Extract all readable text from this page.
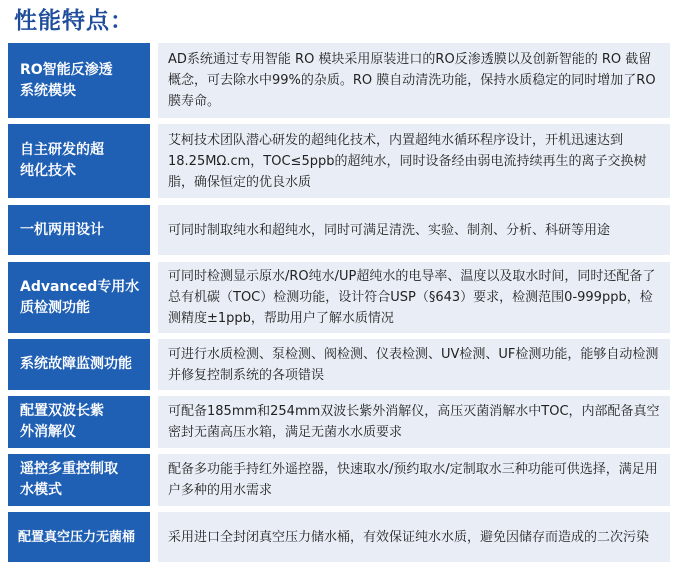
性能特点：
RO智能反渗透系统模块
AD系统通过专用智能 RO 模块采用原装进口的RO反渗透膜以及创新智能的 RO 截留概念，可去除水中99%的杂质。RO 膜自动清洗功能，保持水质稳定的同时增加了RO膜寿命。
自主研发的超纯化技术
艾柯技术团队潜心研发的超纯化技术，内置超纯水循环程序设计，开机迅速达到18.25MΩ.cm，TOC≤5ppb的超纯水，同时设备经由弱电流持续再生的离子交换树脂，确保恒定的优良水质
一机两用设计	可同时制取纯水和超纯水，同时可满足清洗、实验、制剂、分析、科研等用途
Advanced专用水质检测功能
可同时检测显示原水/RO纯水/UP超纯水的电导率、温度以及取水时间，同时还配备了总有机碳（TOC）检测功能，设计符合USP（§643）要求，检测范围0-999ppb，检测精度±1ppb，帮助用户了解水质情况
系统故障监测功能
可进行水质检测、泵检测、阀检测、仪表检测、UV检测、UF检测功能，能够自动检测并修复控制系统的各项错误
配置双波长紫外消解仪
可配备185mm和254mm双波长紫外消解仪，高压灭菌消解水中TOC，内部配备真空密封无菌高压水箱，满足无菌水水质要求
遥控多重控制取水模式
配备多功能手持红外遥控器，快速取水/预约取水/定制取水三种功能可供选择，满足用户多种的用水需求
配置真空压力无菌桶	采用进口全封闭真空压力储水桶，有效保证纯水水质，避免因储存而造成的二次污染
